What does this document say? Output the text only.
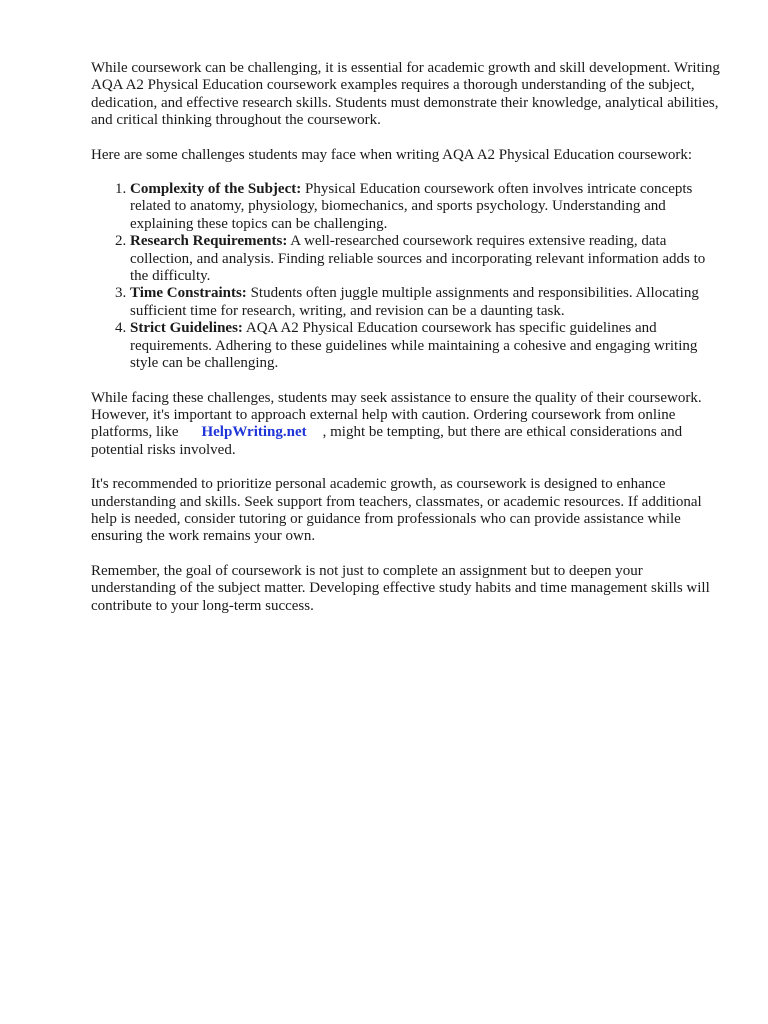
While coursework can be challenging, it is essential for academic growth and skill development. Writing AQA A2 Physical Education coursework examples requires a thorough understanding of the subject, dedication, and effective research skills. Students must demonstrate their knowledge, analytical abilities, and critical thinking throughout the coursework.

Here are some challenges students may face when writing AQA A2 Physical Education coursework:

1. Complexity of the Subject: Physical Education coursework often involves intricate concepts related to anatomy, physiology, biomechanics, and sports psychology. Understanding and explaining these topics can be challenging.
2. Research Requirements: A well-researched coursework requires extensive reading, data collection, and analysis. Finding reliable sources and incorporating relevant information adds to the difficulty.
3. Time Constraints: Students often juggle multiple assignments and responsibilities. Allocating sufficient time for research, writing, and revision can be a daunting task.
4. Strict Guidelines: AQA A2 Physical Education coursework has specific guidelines and requirements. Adhering to these guidelines while maintaining a cohesive and engaging writing style can be challenging.

While facing these challenges, students may seek assistance to ensure the quality of their coursework. However, it's important to approach external help with caution. Ordering coursework from online platforms, like HelpWriting.net , might be tempting, but there are ethical considerations and potential risks involved.

It's recommended to prioritize personal academic growth, as coursework is designed to enhance understanding and skills. Seek support from teachers, classmates, or academic resources. If additional help is needed, consider tutoring or guidance from professionals who can provide assistance while ensuring the work remains your own.

Remember, the goal of coursework is not just to complete an assignment but to deepen your understanding of the subject matter. Developing effective study habits and time management skills will contribute to your long-term success.
